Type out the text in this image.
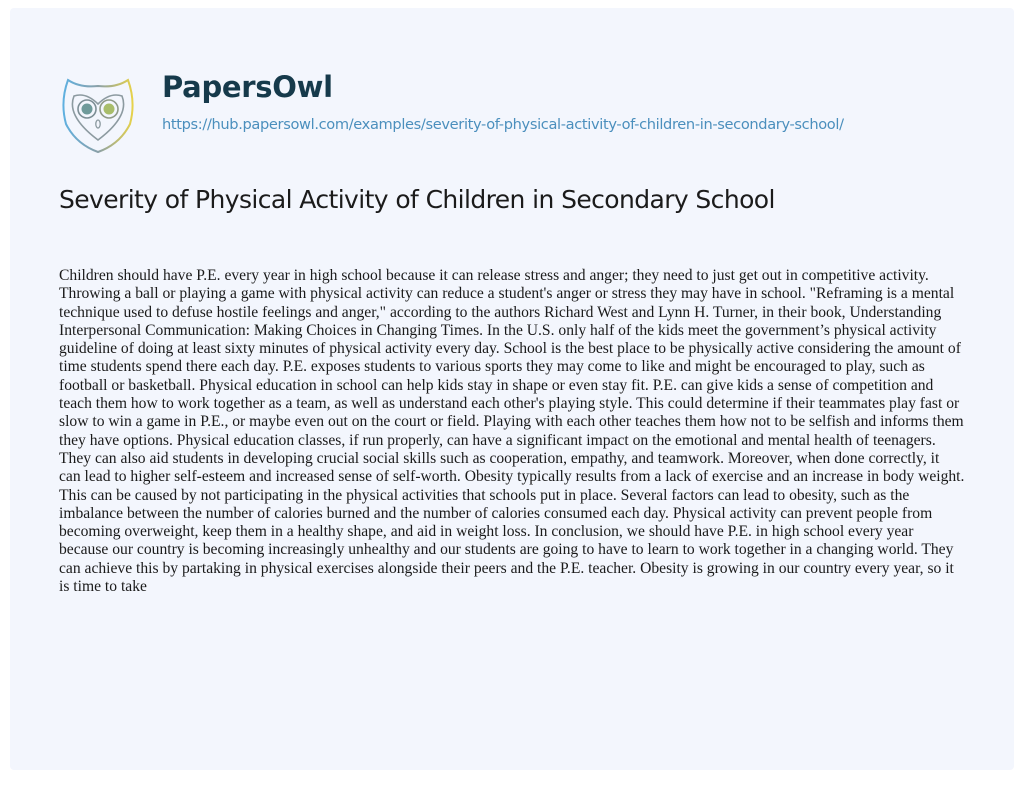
PapersOwl
https://hub.papersowl.com/examples/severity-of-physical-activity-of-children-in-secondary-school/
Severity of Physical Activity of Children in Secondary School
Children should have P.E. every year in high school because it can release stress and anger; they need to just get out in competitive activity.
Throwing a ball or playing a game with physical activity can reduce a student's anger or stress they may have in school. "Reframing is a mental
technique used to defuse hostile feelings and anger," according to the authors Richard West and Lynn H. Turner, in their book, Understanding
Interpersonal Communication: Making Choices in Changing Times. In the U.S. only half of the kids meet the government’s physical activity
guideline of doing at least sixty minutes of physical activity every day. School is the best place to be physically active considering the amount of
time students spend there each day. P.E. exposes students to various sports they may come to like and might be encouraged to play, such as
football or basketball. Physical education in school can help kids stay in shape or even stay fit. P.E. can give kids a sense of competition and
teach them how to work together as a team, as well as understand each other's playing style. This could determine if their teammates play fast or
slow to win a game in P.E., or maybe even out on the court or field. Playing with each other teaches them how not to be selfish and informs them
they have options. Physical education classes, if run properly, can have a significant impact on the emotional and mental health of teenagers.
They can also aid students in developing crucial social skills such as cooperation, empathy, and teamwork. Moreover, when done correctly, it
can lead to higher self-esteem and increased sense of self-worth. Obesity typically results from a lack of exercise and an increase in body weight.
This can be caused by not participating in the physical activities that schools put in place. Several factors can lead to obesity, such as the
imbalance between the number of calories burned and the number of calories consumed each day. Physical activity can prevent people from
becoming overweight, keep them in a healthy shape, and aid in weight loss. In conclusion, we should have P.E. in high school every year
because our country is becoming increasingly unhealthy and our students are going to have to learn to work together in a changing world. They
can achieve this by partaking in physical exercises alongside their peers and the P.E. teacher. Obesity is growing in our country every year, so it
is time to take
